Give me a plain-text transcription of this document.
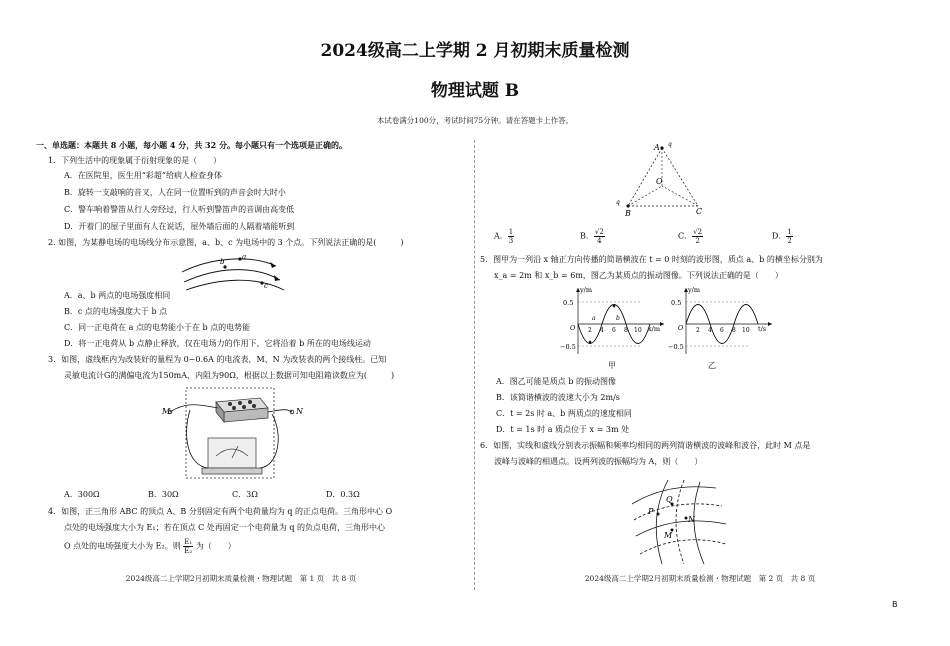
2024级高二上学期 2 月初期末质量检测
物理试题 B
本试卷满分100分，考试时间75分钟。请在答题卡上作答。
一、单选题：本题共 8 小题，每小题 4 分，共 32 分。每小题只有一个选项是正确的。
1．下列生活中的现象属于衍射现象的是（　　）
A．在医院里，医生用“彩超”给病人检查身体
B．旋转一支敲响的音叉，人在同一位置听到的声音会时大时小
C．警车响着警笛从行人旁经过，行人听到警笛声的音调由高变低
D．开着门的屋子里面有人在说话，屋外墙后面的人隔着墙能听到
2. 如图，为某静电场的电场线分布示意图，a、b、c 为电场中的 3 个点。下列说法正确的是(　　　)
a
b
c
A．a、b 两点的电场强度相同
B．c 点的电场强度大于 b 点
C．同一正电荷在 a 点的电势能小于在 b 点的电势能
D．将一正电荷从 b 点静止释放，仅在电场力的作用下，它将沿着 b 所在的电场线运动
3．如图，虚线框内为改装好的量程为 0~0.6A 的电流表，M、N 为改装表的两个接线柱。已知
灵敏电流计G的满偏电流为150mA，内阻为90Ω，根据以上数据可知电阻箱读数应为(　　　)
M	N
A．300Ω	B．30Ω	C．3Ω	D．0.3Ω
4．如图，正三角形 ABC 的顶点 A、B 分别固定有两个电荷量均为 q 的正点电荷。三角形中心 O
点处的电场强度大小为 E₁；若在顶点 C 处再固定一个电荷量为 q 的负点电荷，三角形中心
O 点处的电场强度大小为 E₂。则 $\frac{\text{E₁}}{\text{E₂}}$ 为（　　）
2024级高二上学期2月初期末质量检测・物理试题　第 1 页　共 8 页
A q
q
B	C
O
A． $\frac{1}{3}$	B． $\frac{√2}{4}$	C． $\frac{√2}{2}$	D． $\frac{1}{2}$
5．图甲为一列沿 x 轴正方向传播的简谐横波在 t = 0 时刻的波形图，质点 a、b 的横坐标分别为
x_a = 2m 和 x_b = 6m，图乙为某质点的振动图像。下列说法正确的是（　　）
y/m
x/m
0.5
−0.5
O 2 4 6 8 10
a	b
甲
y/m
t/s
0.5
−0.5
O 2 4 6 8 10
乙
A．图乙可能是质点 b 的振动图像
B．该简谐横波的波速大小为 2m/s
C．t = 2s 时 a、b 两质点的速度相同
D．t = 1s 时 a 质点位于 x = 3m 处
6．如图，实线和虚线分别表示振幅和频率均相同的两列简谐横波的波峰和波谷，此时 M 点是
波峰与波峰的相遇点。设两列波的振幅均为 A，则（　　）
P
Q
N
M
2024级高二上学期2月初期末质量检测・物理试题　第 2 页　共 8 页
B
